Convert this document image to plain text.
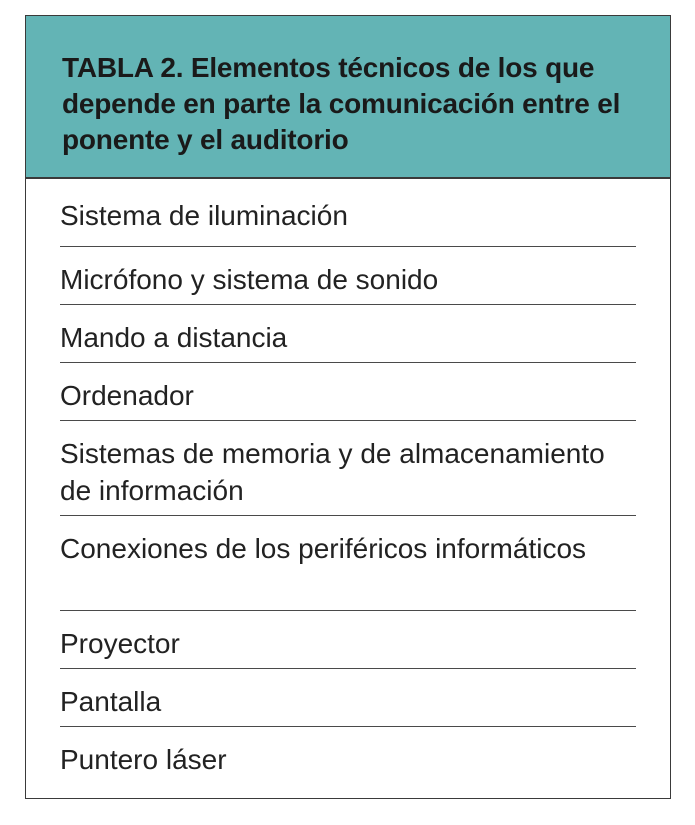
TABLA 2. Elementos técnicos de los que depende en parte la comunicación entre el ponente y el auditorio
Sistema de iluminación
Micrófono y sistema de sonido
Mando a distancia
Ordenador
Sistemas de memoria y de almacenamiento de información
Conexiones de los periféricos informáticos
Proyector
Pantalla
Puntero láser
